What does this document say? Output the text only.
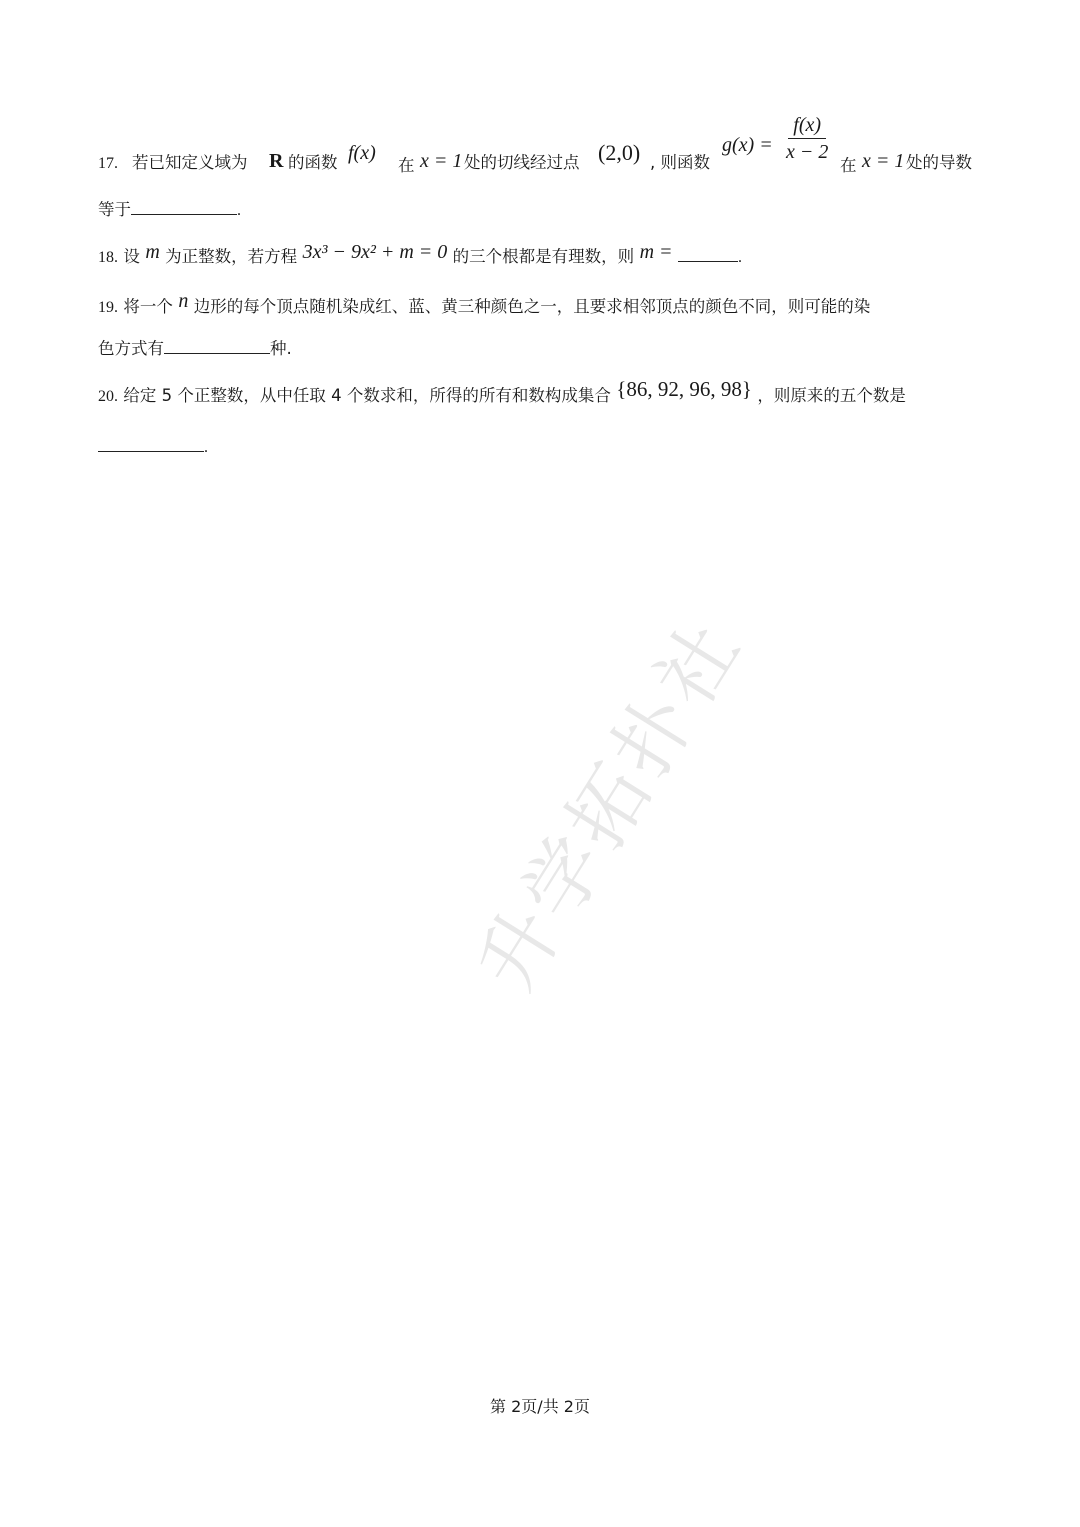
升学拓扑社
17. 若已知定义域为 R 的函数 f(x)
在 x = 1 处的切线经过点 (2,0) , 则函数
g(x) =
f(x)
x − 2
在 x = 1 处的导数
等于	.
18. 设 m 为正整数，若方程 3x³ − 9x² + m = 0 的三个根都是有理数，则 m =	.
19. 将一个 n 边形的每个顶点随机染成红、蓝、黄三种颜色之一，且要求相邻顶点的颜色不同，则可能的染
色方式有	种.
20. 给定 5 个正整数，从中任取 4 个数求和，所得的所有和数构成集合 {86, 92, 96, 98} ，则原来的五个数是
.
第 2页/共 2页
